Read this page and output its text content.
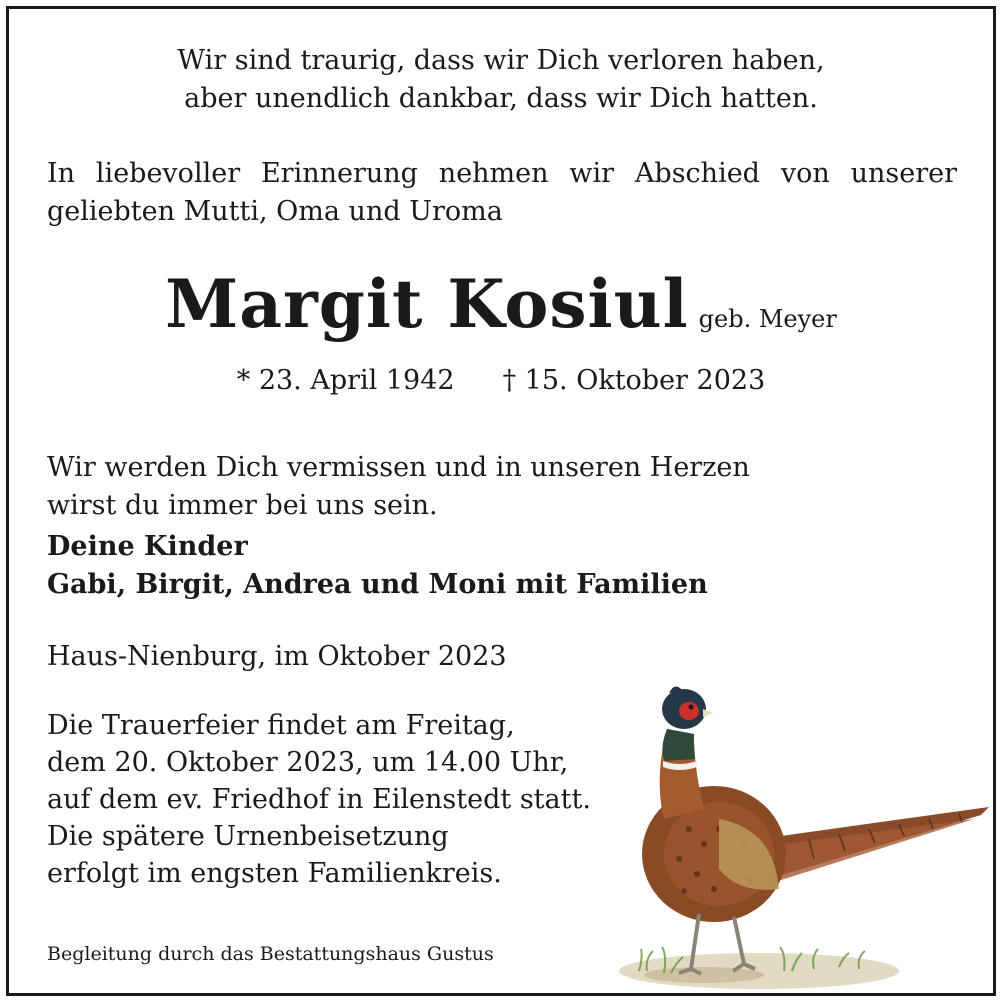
Wir sind traurig, dass wir Dich verloren haben,
aber unendlich dankbar, dass wir Dich hatten.
In liebevoller Erinnerung nehmen wir Abschied von unserer
geliebten Mutti, Oma und Uroma
Margit Kosiul geb. Meyer
* 23. April 1942 † 15. Oktober 2023
Wir werden Dich vermissen und in unseren Herzen
wirst du immer bei uns sein.
Deine Kinder
Gabi, Birgit, Andrea und Moni mit Familien
Haus-Nienburg, im Oktober 2023
Die Trauerfeier findet am Freitag,
dem 20. Oktober 2023, um 14.00 Uhr,
auf dem ev. Friedhof in Eilenstedt statt.
Die spätere Urnenbeisetzung
erfolgt im engsten Familienkreis.
Begleitung durch das Bestattungshaus Gustus
